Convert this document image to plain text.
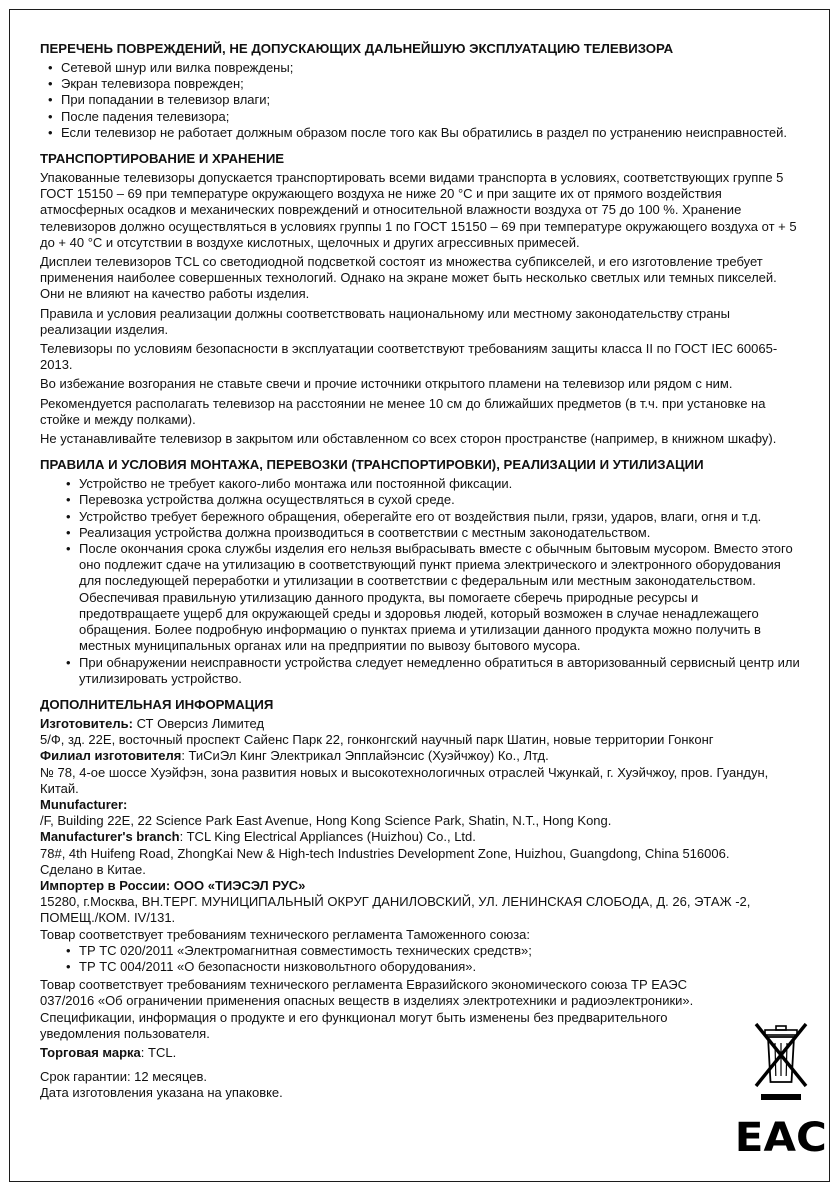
ПЕРЕЧЕНЬ ПОВРЕЖДЕНИЙ, НЕ ДОПУСКАЮЩИХ ДАЛЬНЕЙШУЮ ЭКСПЛУАТАЦИЮ ТЕЛЕВИЗОРА
• Сетевой шнур или вилка повреждены;
• Экран телевизора поврежден;
• При попадании в телевизор влаги;
• После падения телевизора;
• Если телевизор не работает должным образом после того как Вы обратились в раздел по устранению неисправностей.
ТРАНСПОРТИРОВАНИЕ И ХРАНЕНИЕ

Упакованные телевизоры допускается транспортировать всеми видами транспорта в условиях, соответствующих группе 5 ГОСТ 15150 – 69 при температуре окружающего воздуха не ниже 20 °С и при защите их от прямого воздействия атмосферных осадков и механических повреждений и относительной влажности воздуха от 75 до 100 %. Хранение телевизоров должно осуществляться в условиях группы 1 по ГОСТ 15150 – 69 при температуре окружающего воздуха от + 5 до + 40 °С и отсутствии в воздухе кислотных, щелочных и других агрессивных примесей.

Дисплеи телевизоров TCL со светодиодной подсветкой состоят из множества субпикселей, и его изготовление требует применения наиболее совершенных технологий. Однако на экране может быть несколько светлых или темных пикселей. Они не влияют на качество работы изделия.

Правила и условия реализации должны соответствовать национальному или местному законодательству страны реализации изделия.

Телевизоры по условиям безопасности в эксплуатации соответствуют требованиям защиты класса II по ГОСТ IEC 60065-2013.

Во избежание возгорания не ставьте свечи и прочие источники открытого пламени на телевизор или рядом с ним.

Рекомендуется располагать телевизор на расстоянии не менее 10 см до ближайших предметов (в т.ч. при установке на стойке и между полками).

Не устанавливайте телевизор в закрытом или обставленном со всех сторон пространстве (например, в книжном шкафу).

ПРАВИЛА И УСЛОВИЯ МОНТАЖА, ПЕРЕВОЗКИ (ТРАНСПОРТИРОВКИ), РЕАЛИЗАЦИИ И УТИЛИЗАЦИИ
• Устройство не требует какого-либо монтажа или постоянной фиксации.
• Перевозка устройства должна осуществляться в сухой среде.
• Устройство требует бережного обращения, оберегайте его от воздействия пыли, грязи, ударов, влаги, огня и т.д.
• Реализация устройства должна производиться в соответствии с местным законодательством.
• После окончания срока службы изделия его нельзя выбрасывать вместе с обычным бытовым мусором. Вместо этого оно подлежит сдаче на утилизацию в соответствующий пункт приема электрического и электронного оборудования для последующей переработки и утилизации в соответствии с федеральным или местным законодательством. Обеспечивая правильную утилизацию данного продукта, вы помогаете сберечь природные ресурсы и предотвращаете ущерб для окружающей среды и здоровья людей, который возможен в случае ненадлежащего обращения. Более подробную информацию о пунктах приема и утилизации данного продукта можно получить в местных муниципальных органах или на предприятии по вывозу бытового мусора.
• При обнаружении неисправности устройства следует немедленно обратиться в авторизованный сервисный центр или утилизировать устройство.
ДОПОЛНИТЕЛЬНАЯ ИНФОРМАЦИЯ

Изготовитель: СТ Оверсиз Лимитед

5/Ф, зд. 22Е, восточный проспект Сайенс Парк 22, гонконгский научный парк Шатин, новые территории Гонконг

Филиал изготовителя: ТиСиЭл Кинг Электрикал Эпплайэнсис (Хуэйчжоу) Ко., Лтд.

№ 78, 4-ое шоссе Хуэйфэн, зона развития новых и высокотехнологичных отраслей Чжункай, г. Хуэйчжоу, пров. Гуандун, Китай.

Munufacturer:

/F, Building 22E, 22 Science Park East Avenue, Hong Kong Science Park, Shatin, N.T., Hong Kong.

Manufacturer's branch: TCL King Electrical Appliances (Huizhou) Co., Ltd.

78#, 4th Huifeng Road, ZhongKai New & High-tech Industries Development Zone, Huizhou, Guangdong, China 516006.

Сделано в Китае.

Импортер в России: ООО «ТИЭСЭЛ РУС»

15280, г.Москва, ВН.ТЕРГ. МУНИЦИПАЛЬНЫЙ ОКРУГ ДАНИЛОВСКИЙ, УЛ. ЛЕНИНСКАЯ СЛОБОДА, Д. 26, ЭТАЖ -2, ПОМЕЩ./КОМ. IV/131.

Товар соответствует требованиям технического регламента Таможенного союза:

• ТР ТС 020/2011 «Электромагнитная совместимость технических средств»;
• ТР ТС 004/2011 «О безопасности низковольтного оборудования».

Товар соответствует требованиям технического регламента Евразийского экономического союза ТР ЕАЭС 037/2016 «Об ограничении применения опасных веществ в изделиях электротехники и радиоэлектроники». Спецификации, информация о продукте и его функционал могут быть изменены без предварительного уведомления пользователя.

Торговая марка: TCL.

Срок гарантии: 12 месяцев.

Дата изготовления указана на упаковке.

EAC
